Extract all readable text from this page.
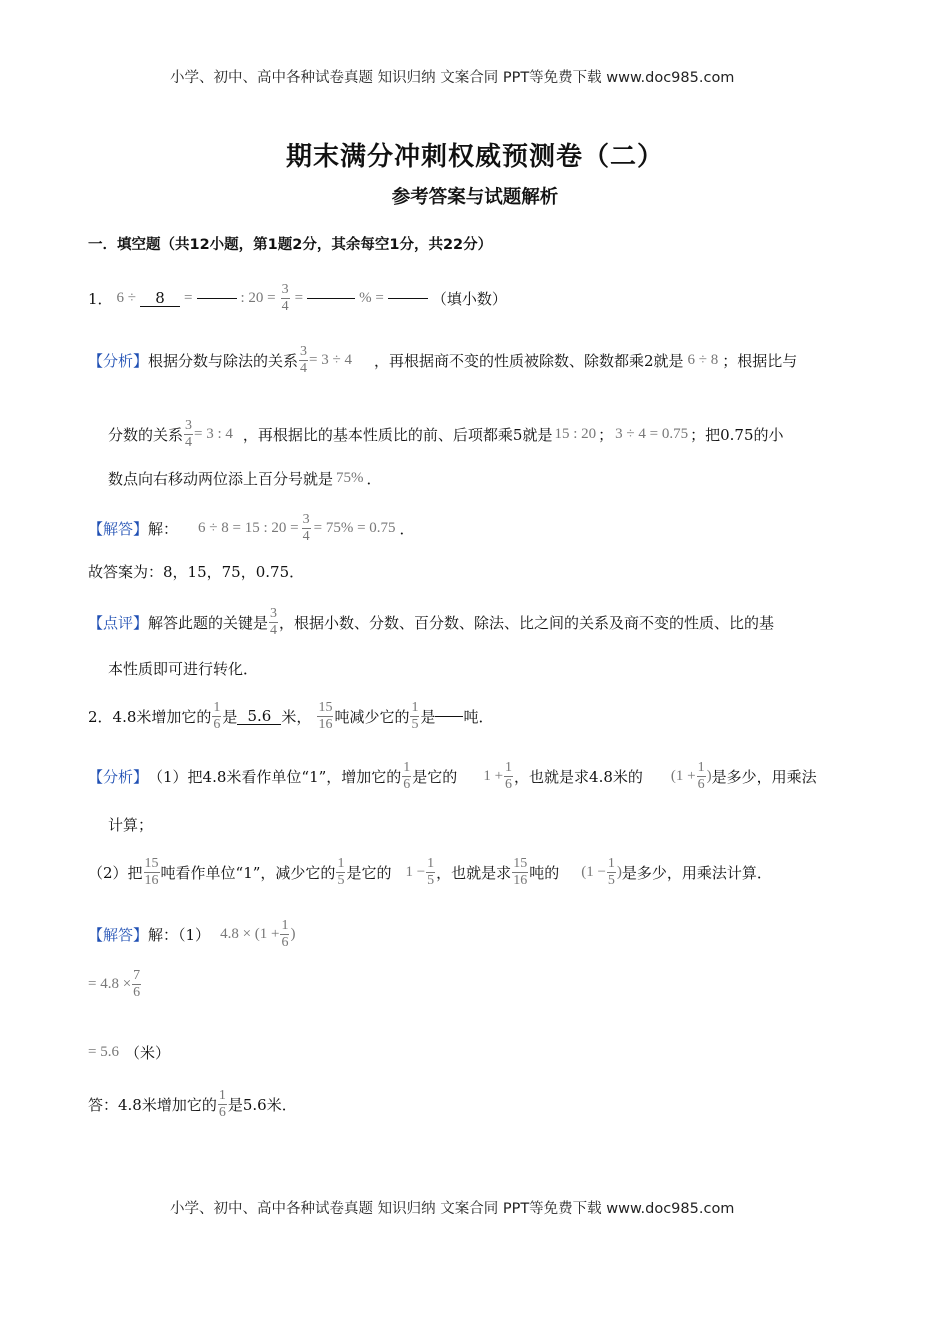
小学、初中、高中各种试卷真题 知识归纳 文案合同 PPT等免费下载 www.doc985.com
期末满分冲刺权威预测卷（二）
参考答案与试题解析
一．填空题（共12小题，第1题2分，其余每空1分，共22分）
1． 6 ÷	8	=	: $20 = \frac{3}{4}$ =	% =	（填小数）
【分析】 根据分数与除法的关系 $\frac{3}{4} = 3 \div 4$ ，再根据商不变的性质被除数、除数都乘2就是 6 ÷ 8 ；根据比与
分数的关系 $\frac{3}{4} = 3$ : 4 ，再根据比的基本性质比的前、后项都乘5就是 15 : 20 ； 3 ÷ 4 = 0.75 ；把0.75的小
数点向右移动两位添上百分号就是 75% ．
【解答】 解： 6 ÷ 8 = 15 : $20 = \frac{3}{4} = 75\% = 0.75$ ．
故答案为：8，15，75，0.75．
【点评】 解答此题的关键是 $\frac{3}{4}$ ，根据小数、分数、百分数、除法、比之间的关系及商不变的性质、比的基
本性质即可进行转化．
2． 4.8米增加它的 $\frac{1}{6}$ 是 5.6 米， $\frac{15}{16}$ 吨减少它的 $\frac{1}{5}$ 是 吨．
【分析】 （1）把4.8米看作单位“1”，增加它的 $\frac{1}{6}$ 是它的 $1 + \frac{1}{6}$ ，也就是求4.8米的 ($1 + \frac{1}{6}$ ) 是多少，用乘法
计算；
（2）把 $\frac{15}{16}$ 吨看作单位“1”，减少它的 $\frac{1}{5}$ 是它的 $1 - \frac{1}{5}$ ，也就是求 $\frac{15}{16}$ 吨的 ($1 - \frac{1}{5}$ ) 是多少，用乘法计算．
【解答】 解：（1） $4.8 \times (1 + \frac{1}{6}$ )
= $4.8 \times \frac{7}{6}$
= 5.6 （米）
答：4.8米增加它的 $\frac{1}{6}$ 是5.6米．
小学、初中、高中各种试卷真题 知识归纳 文案合同 PPT等免费下载 www.doc985.com
